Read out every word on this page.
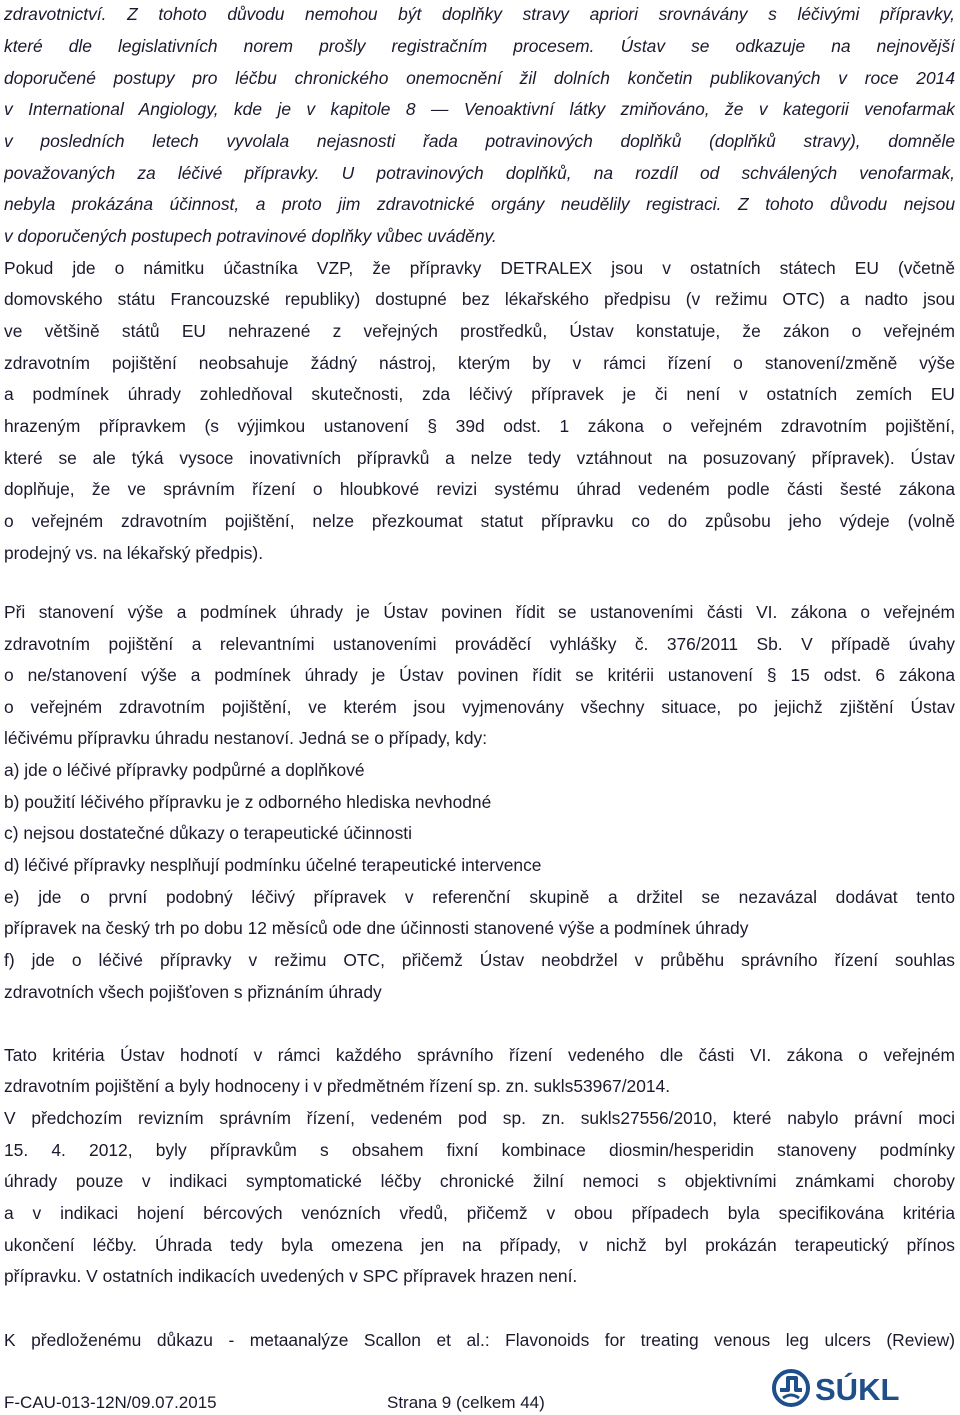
zdravotnictví. Z tohoto důvodu nemohou být doplňky stravy apriori srovnávány s léčivými přípravky,
které dle legislativních norem prošly registračním procesem. Ústav se odkazuje na nejnovější
doporučené postupy pro léčbu chronického onemocnění žil dolních končetin publikovaných v roce 2014
v International Angiology, kde je v kapitole 8 — Venoaktivní látky zmiňováno, že v kategorii venofarmak
v posledních letech vyvolala nejasnosti řada potravinových doplňků (doplňků stravy), domněle
považovaných za léčivé přípravky. U potravinových doplňků, na rozdíl od schválených venofarmak,
nebyla prokázána účinnost, a proto jim zdravotnické orgány neudělily registraci. Z tohoto důvodu nejsou
v doporučených postupech potravinové doplňky vůbec uváděny.
Pokud jde o námitku účastníka VZP, že přípravky DETRALEX jsou v ostatních státech EU (včetně
domovského státu Francouzské republiky) dostupné bez lékařského předpisu (v režimu OTC) a nadto jsou
ve většině států EU nehrazené z veřejných prostředků, Ústav konstatuje, že zákon o veřejném
zdravotním pojištění neobsahuje žádný nástroj, kterým by v rámci řízení o stanovení/změně výše
a podmínek úhrady zohledňoval skutečnosti, zda léčivý přípravek je či není v ostatních zemích EU
hrazeným přípravkem (s výjimkou ustanovení § 39d odst. 1 zákona o veřejném zdravotním pojištění,
které se ale týká vysoce inovativních přípravků a nelze tedy vztáhnout na posuzovaný přípravek). Ústav
doplňuje, že ve správním řízení o hloubkové revizi systému úhrad vedeném podle části šesté zákona
o veřejném zdravotním pojištění, nelze přezkoumat statut přípravku co do způsobu jeho výdeje (volně
prodejný vs. na lékařský předpis).
Při stanovení výše a podmínek úhrady je Ústav povinen řídit se ustanoveními části VI. zákona o veřejném
zdravotním pojištění a relevantními ustanoveními prováděcí vyhlášky č. 376/2011 Sb. V případě úvahy
o ne/stanovení výše a podmínek úhrady je Ústav povinen řídit se kritérii ustanovení § 15 odst. 6 zákona
o veřejném zdravotním pojištění, ve kterém jsou vyjmenovány všechny situace, po jejichž zjištění Ústav
léčivému přípravku úhradu nestanoví. Jedná se o případy, kdy:
a) jde o léčivé přípravky podpůrné a doplňkové
b) použití léčivého přípravku je z odborného hlediska nevhodné
c) nejsou dostatečné důkazy o terapeutické účinnosti
d) léčivé přípravky nesplňují podmínku účelné terapeutické intervence
e) jde o první podobný léčivý přípravek v referenční skupině a držitel se nezavázal dodávat tento
přípravek na český trh po dobu 12 měsíců ode dne účinnosti stanovené výše a podmínek úhrady
f) jde o léčivé přípravky v režimu OTC, přičemž Ústav neobdržel v průběhu správního řízení souhlas
zdravotních všech pojišťoven s přiznáním úhrady
Tato kritéria Ústav hodnotí v rámci každého správního řízení vedeného dle části VI. zákona o veřejném
zdravotním pojištění a byly hodnoceny i v předmětném řízení sp. zn. sukls53967/2014.
V předchozím revizním správním řízení, vedeném pod sp. zn. sukls27556/2010, které nabylo právní moci
15. 4. 2012, byly přípravkům s obsahem fixní kombinace diosmin/hesperidin stanoveny podmínky
úhrady pouze v indikaci symptomatické léčby chronické žilní nemoci s objektivními známkami choroby
a v indikaci hojení bércových venózních vředů, přičemž v obou případech byla specifikována kritéria
ukončení léčby. Úhrada tedy byla omezena jen na případy, v nichž byl prokázán terapeutický přínos
přípravku. V ostatních indikacích uvedených v SPC přípravek hrazen není.
K předloženému důkazu - metaanalýze Scallon et al.: Flavonoids for treating venous leg ulcers (Review)
F-CAU-013-12N/09.07.2015	Strana 9 (celkem 44)	SÚKL
